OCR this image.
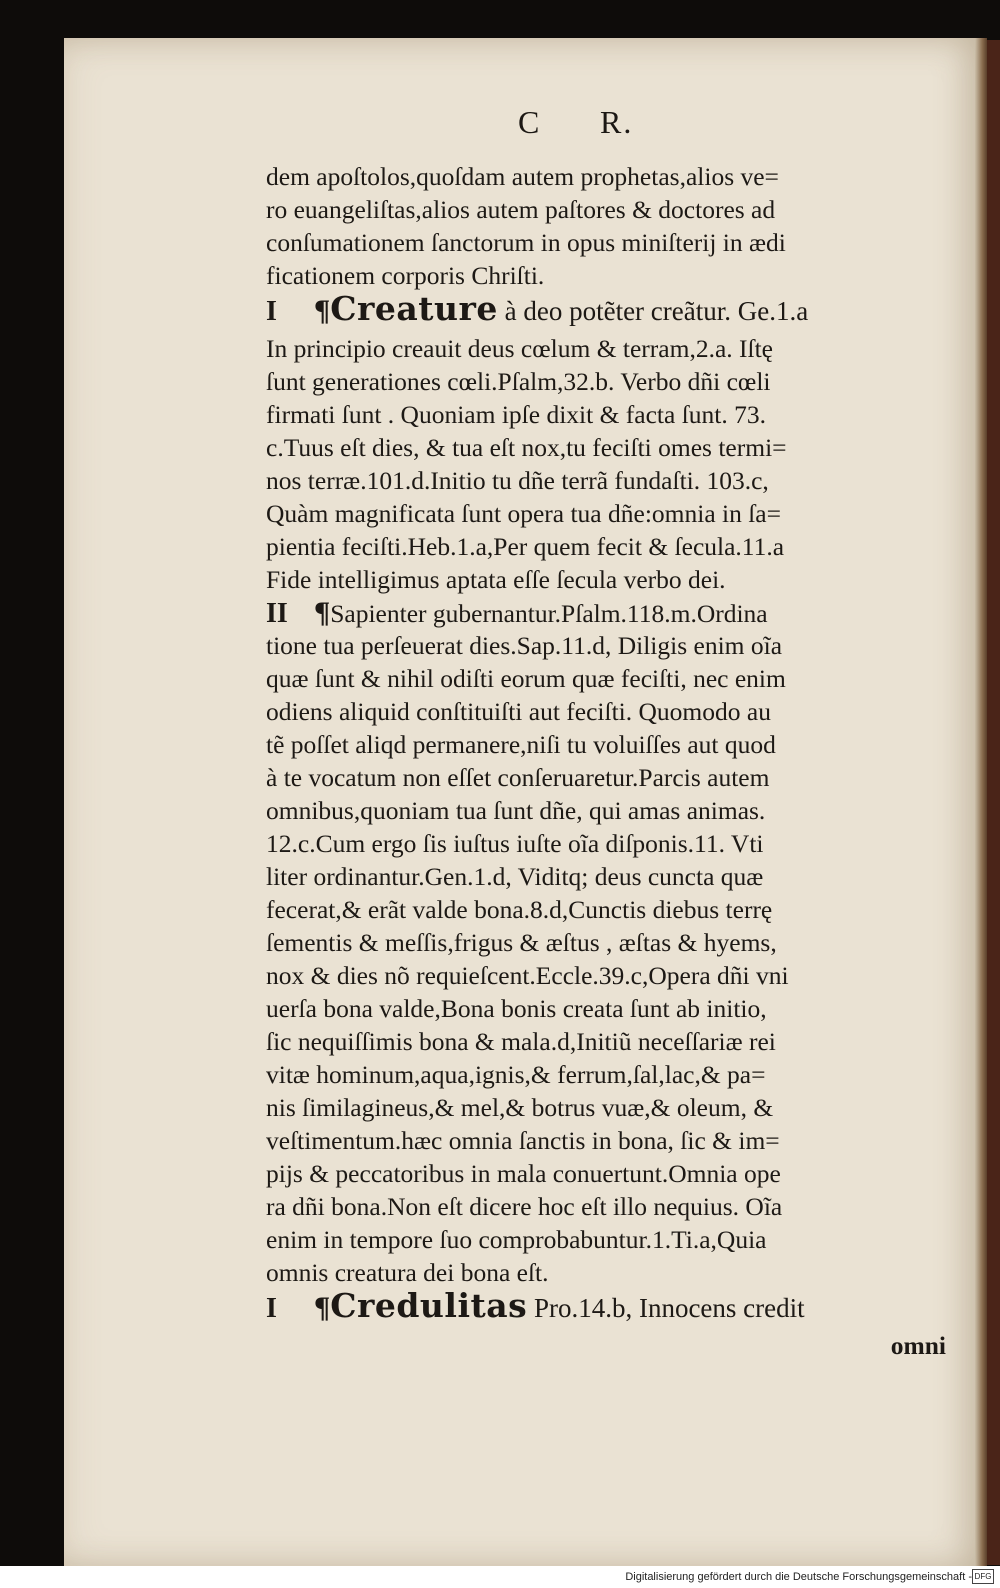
C R.
dem apoſtolos,quoſdam autem prophetas,alios ve=
ro euangeliſtas,alios autem paſtores & doctores ad
conſumationem ſanctorum in opus miniſterij in ædi
ficationem corporis Chriſti.
I ¶Creature à deo potẽter creãtur. Ge.1.a
In principio creauit deus cœlum & terram,2.a. Iſtę
ſunt generationes cœli.Pſalm,32.b. Verbo dñi cœli
firmati ſunt . Quoniam ipſe dixit & facta ſunt. 73.
c.Tuus eſt dies, & tua eſt nox,tu feciſti omes termi=
nos terræ.101.d.Initio tu dñe terrã fundaſti. 103.c,
Quàm magnificata ſunt opera tua dñe:omnia in ſa=
pientia feciſti.Heb.1.a,Per quem fecit & ſecula.11.a
Fide intelligimus aptata eſſe ſecula verbo dei.
II ¶Sapienter gubernantur.Pſalm.118.m.Ordina
tione tua perſeuerat dies.Sap.11.d, Diligis enim oĩa
quæ ſunt & nihil odiſti eorum quæ feciſti, nec enim
odiens aliquid conſtituiſti aut feciſti. Quomodo au
tẽ poſſet aliqd permanere,niſi tu voluiſſes aut quod
à te vocatum non eſſet conſeruaretur.Parcis autem
omnibus,quoniam tua ſunt dñe, qui amas animas.
12.c.Cum ergo ſis iuſtus iuſte oĩa diſponis.11. Vti
liter ordinantur.Gen.1.d, Viditq; deus cuncta quæ
fecerat,& erãt valde bona.8.d,Cunctis diebus terrę
ſementis & meſſis,frigus & æſtus , æſtas & hyems,
nox & dies nõ requieſcent.Eccle.39.c,Opera dñi vni
uerſa bona valde,Bona bonis creata ſunt ab initio,
ſic nequiſſimis bona & mala.d,Initiũ neceſſariæ rei
vitæ hominum,aqua,ignis,& ferrum,ſal,lac,& pa=
nis ſimilagineus,& mel,& botrus vuæ,& oleum, &
veſtimentum.hæc omnia ſanctis in bona, ſic & im=
pijs & peccatoribus in mala conuertunt.Omnia ope
ra dñi bona.Non eſt dicere hoc eſt illo nequius. Oĩa
enim in tempore ſuo comprobabuntur.1.Ti.a,Quia
omnis creatura dei bona eſt.
I ¶Credulitas Pro.14.b, Innocens credit
omni
Digitalisierung gefördert durch die Deutsche Forschungsgemeinschaft - DFG
